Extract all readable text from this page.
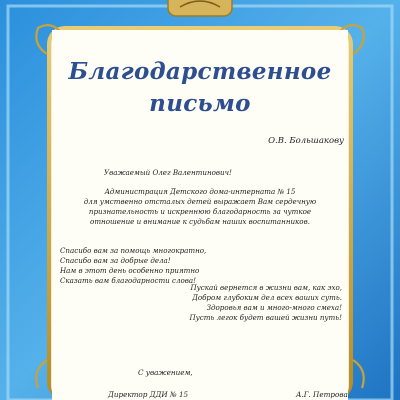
Благодарственное
письмо
О.В. Большакову

Уважаемый Олег Валентинович!

Администрация Детского дома-интерната № 15
для умственно отсталых детей выражает Вам сердечную
признательность и искреннюю благодарность за чуткое
отношение и внимание к судьбам наших воспитанников.
Спасибо вам за помощь многократно,
Спасибо вам за добрые дела!
Нам в этот день особенно приятно
Сказать вам благодарности слова!
Пускай вернется в жизни вам, как эхо,
Добром глубоким дел всех ваших суть.
Здоровья вам и много-много смеха!
Пусть легок будет вашей жизни путь!
С уважением,
Директор ДДИ № 15	А.Г. Петрова
